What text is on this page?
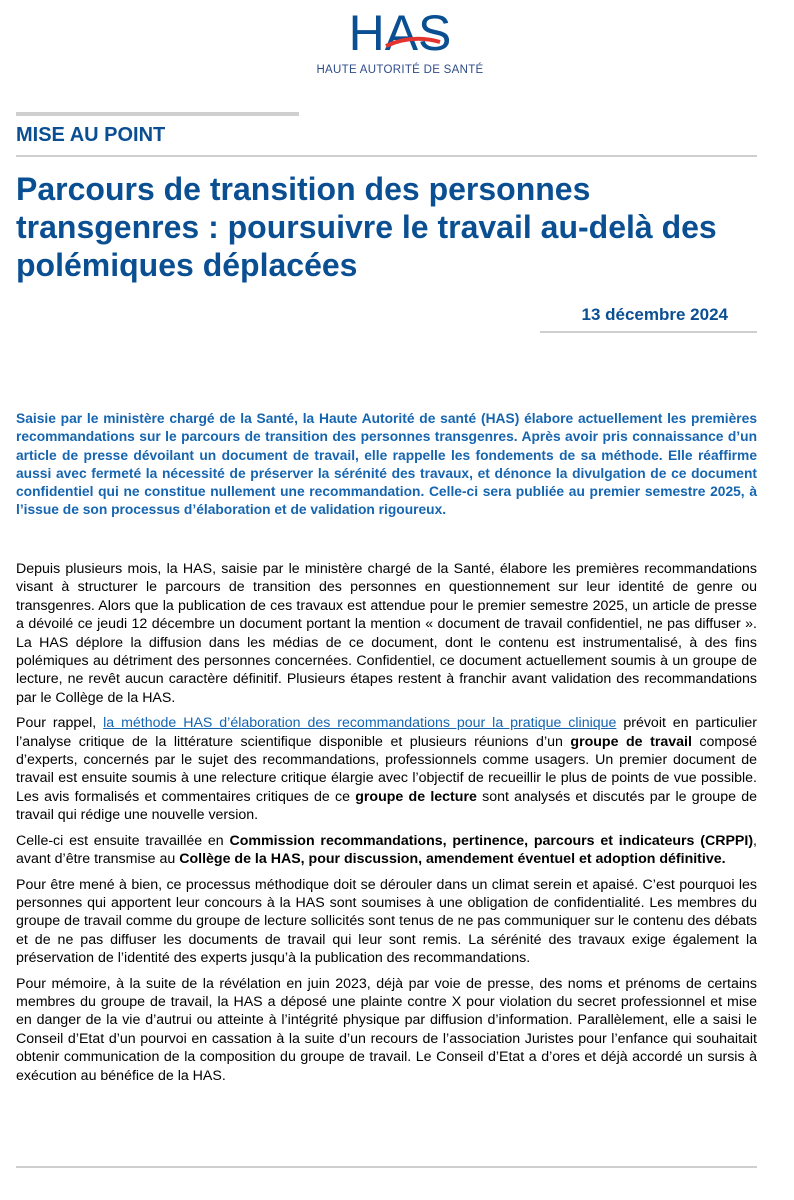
HAS
HAUTE AUTORITÉ DE SANTÉ
MISE AU POINT
Parcours de transition des personnes transgenres : poursuivre le travail au-delà des polémiques déplacées
13 décembre 2024

Saisie par le ministère chargé de la Santé, la Haute Autorité de santé (HAS) élabore actuellement les premières recommandations sur le parcours de transition des personnes transgenres. Après avoir pris connaissance d’un article de presse dévoilant un document de travail, elle rappelle les fondements de sa méthode. Elle réaffirme aussi avec fermeté la nécessité de préserver la sérénité des travaux, et dénonce la divulgation de ce document confidentiel qui ne constitue nullement une recommandation. Celle-ci sera publiée au premier semestre 2025, à l’issue de son processus d’élaboration et de validation rigoureux.

Depuis plusieurs mois, la HAS, saisie par le ministère chargé de la Santé, élabore les premières recommandations visant à structurer le parcours de transition des personnes en questionnement sur leur identité de genre ou transgenres. Alors que la publication de ces travaux est attendue pour le premier semestre 2025, un article de presse a dévoilé ce jeudi 12 décembre un document portant la mention « document de travail confidentiel, ne pas diffuser ». La HAS déplore la diffusion dans les médias de ce document, dont le contenu est instrumentalisé, à des fins polémiques au détriment des personnes concernées. Confidentiel, ce document actuellement soumis à un groupe de lecture, ne revêt aucun caractère définitif. Plusieurs étapes restent à franchir avant validation des recommandations par le Collège de la HAS.

Pour rappel, la méthode HAS d’élaboration des recommandations pour la pratique clinique prévoit en particulier l’analyse critique de la littérature scientifique disponible et plusieurs réunions d’un groupe de travail composé d’experts, concernés par le sujet des recommandations, professionnels comme usagers. Un premier document de travail est ensuite soumis à une relecture critique élargie avec l’objectif de recueillir le plus de points de vue possible. Les avis formalisés et commentaires critiques de ce groupe de lecture sont analysés et discutés par le groupe de travail qui rédige une nouvelle version.

Celle-ci est ensuite travaillée en Commission recommandations, pertinence, parcours et indicateurs (CRPPI), avant d’être transmise au Collège de la HAS, pour discussion, amendement éventuel et adoption définitive.

Pour être mené à bien, ce processus méthodique doit se dérouler dans un climat serein et apaisé. C’est pourquoi les personnes qui apportent leur concours à la HAS sont soumises à une obligation de confidentialité. Les membres du groupe de travail comme du groupe de lecture sollicités sont tenus de ne pas communiquer sur le contenu des débats et de ne pas diffuser les documents de travail qui leur sont remis. La sérénité des travaux exige également la préservation de l’identité des experts jusqu’à la publication des recommandations.

Pour mémoire, à la suite de la révélation en juin 2023, déjà par voie de presse, des noms et prénoms de certains membres du groupe de travail, la HAS a déposé une plainte contre X pour violation du secret professionnel et mise en danger de la vie d’autrui ou atteinte à l’intégrité physique par diffusion d’information. Parallèlement, elle a saisi le Conseil d’Etat d’un pourvoi en cassation à la suite d’un recours de l’association Juristes pour l’enfance qui souhaitait obtenir communication de la composition du groupe de travail. Le Conseil d’Etat a d’ores et déjà accordé un sursis à exécution au bénéfice de la HAS.
